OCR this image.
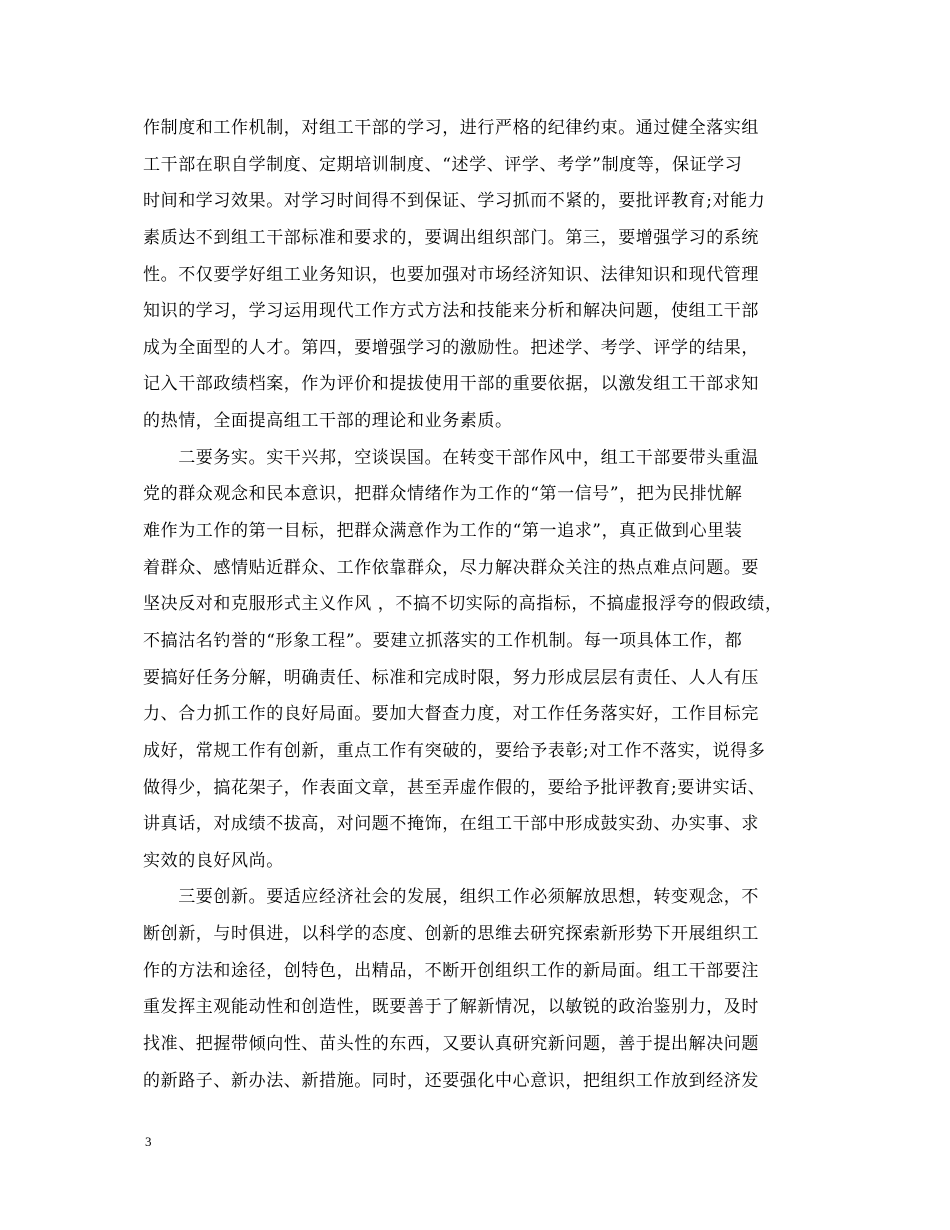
作制度和工作机制，对组工干部的学习，进行严格的纪律约束。通过健全落实组
工干部在职自学制度、定期培训制度、“述学、评学、考学”制度等，保证学习
时间和学习效果。对学习时间得不到保证、学习抓而不紧的，要批评教育;对能力
素质达不到组工干部标准和要求的，要调出组织部门。第三，要增强学习的系统
性。不仅要学好组工业务知识，也要加强对市场经济知识、法律知识和现代管理
知识的学习，学习运用现代工作方式方法和技能来分析和解决问题，使组工干部
成为全面型的人才。第四，要增强学习的激励性。把述学、考学、评学的结果，
记入干部政绩档案，作为评价和提拔使用干部的重要依据，以激发组工干部求知
的热情，全面提高组工干部的理论和业务素质。
　　二要务实。实干兴邦，空谈误国。在转变干部作风中，组工干部要带头重温
党的群众观念和民本意识，把群众情绪作为工作的“第一信号”，把为民排忧解
难作为工作的第一目标，把群众满意作为工作的“第一追求”，真正做到心里装
着群众、感情贴近群众、工作依靠群众，尽力解决群众关注的热点难点问题。要
坚决反对和克服形式主义作风 ，不搞不切实际的高指标，不搞虚报浮夸的假政绩，
不搞沽名钓誉的“形象工程”。要建立抓落实的工作机制。每一项具体工作，都
要搞好任务分解，明确责任、标准和完成时限，努力形成层层有责任、人人有压
力、合力抓工作的良好局面。要加大督查力度，对工作任务落实好，工作目标完
成好，常规工作有创新，重点工作有突破的，要给予表彰;对工作不落实，说得多
做得少，搞花架子，作表面文章，甚至弄虚作假的，要给予批评教育;要讲实话、
讲真话，对成绩不拔高，对问题不掩饰，在组工干部中形成鼓实劲、办实事、求
实效的良好风尚。
　　三要创新。要适应经济社会的发展，组织工作必须解放思想，转变观念，不
断创新，与时俱进，以科学的态度、创新的思维去研究探索新形势下开展组织工
作的方法和途径，创特色，出精品，不断开创组织工作的新局面。组工干部要注
重发挥主观能动性和创造性，既要善于了解新情况，以敏锐的政治鉴别力，及时
找准、把握带倾向性、苗头性的东西，又要认真研究新问题，善于提出解决问题
的新路子、新办法、新措施。同时，还要强化中心意识，把组织工作放到经济发
3
